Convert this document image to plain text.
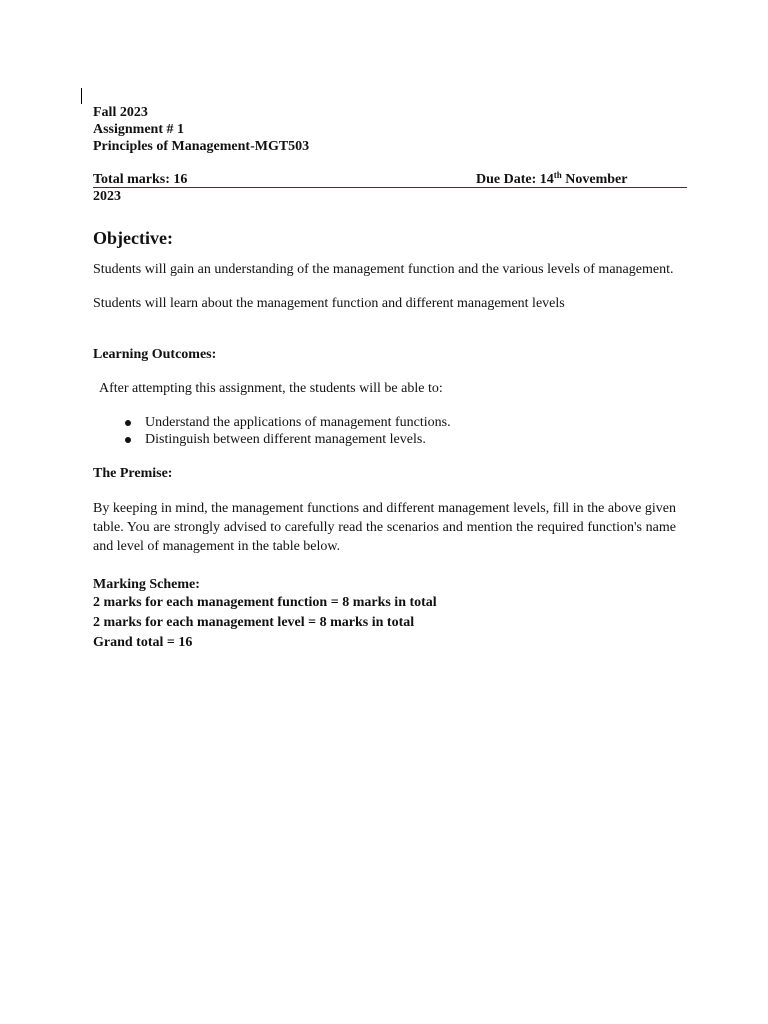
Fall 2023
Assignment # 1
Principles of Management-MGT503
Total marks: 16	Due Date: 14th November
2023
Objective:

Students will gain an understanding of the management function and the various levels of management.

Students will learn about the management function and different management levels

Learning Outcomes:

After attempting this assignment, the students will be able to:

Understand the applications of management functions.
Distinguish between different management levels.

The Premise:

By keeping in mind, the management functions and different management levels, fill in the above given table. You are strongly advised to carefully read the scenarios and mention the required function's name and level of management in the table below.

Marking Scheme:

2 marks for each management function = 8 marks in total

2 marks for each management level = 8 marks in total

Grand total = 16
